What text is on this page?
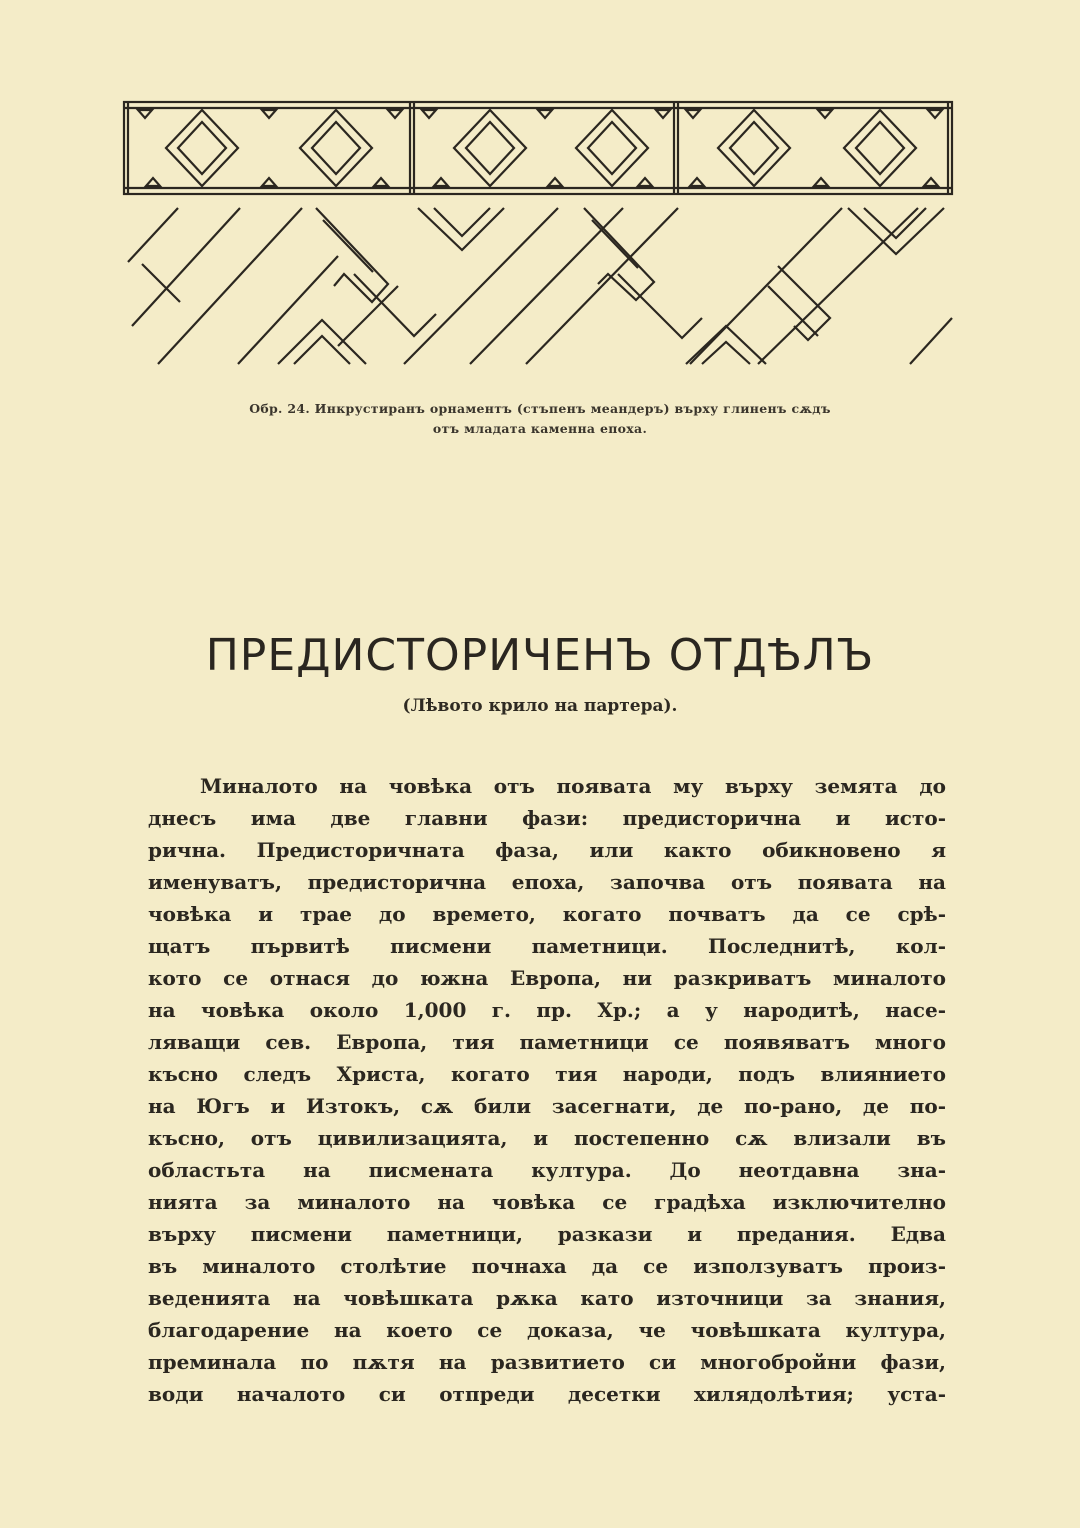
Обр. 24. Инкрустиранъ орнаментъ (стъпенъ меандеръ) върху глиненъ сѫдъ
отъ младата каменна епоха.
ПРЕДИСТОРИЧЕНЪ ОТДѢЛЪ
(Лѣвото крило на партера).
Миналото на човѣка отъ появата му върху земята до
днесъ има две главни фази: предисторична и исто-
рична. Предисторичната фаза, или както обикновено я
именуватъ, предисторична епоха, започва отъ появата на
човѣка и трае до времето, когато почватъ да се срѣ-
щатъ първитѣ писмени паметници. Последнитѣ, кол-
кото се отнася до южна Европа, ни разкриватъ миналото
на човѣка около 1,000 г. пр. Хр.; а у народитѣ, насе-
ляващи сев. Европа, тия паметници се появяватъ много
късно следъ Христа, когато тия народи, подъ влиянието
на Югъ и Изтокъ, сѫ били засегнати, де по-рано, де по-
късно, отъ цивилизацията, и постепенно сѫ влизали въ
областьта на писмената култура. До неотдавна зна-
нията за миналото на човѣка се градѣха изключително
върху писмени паметници, разкази и предания. Едва
въ миналото столѣтие почнаха да се използуватъ произ-
веденията на човѣшката рѫка като източници за знания,
благодарение на което се доказа, че човѣшката култура,
преминала по пѫтя на развитието си многобройни фази,
води началото си отпреди десетки хилядолѣтия; уста-
